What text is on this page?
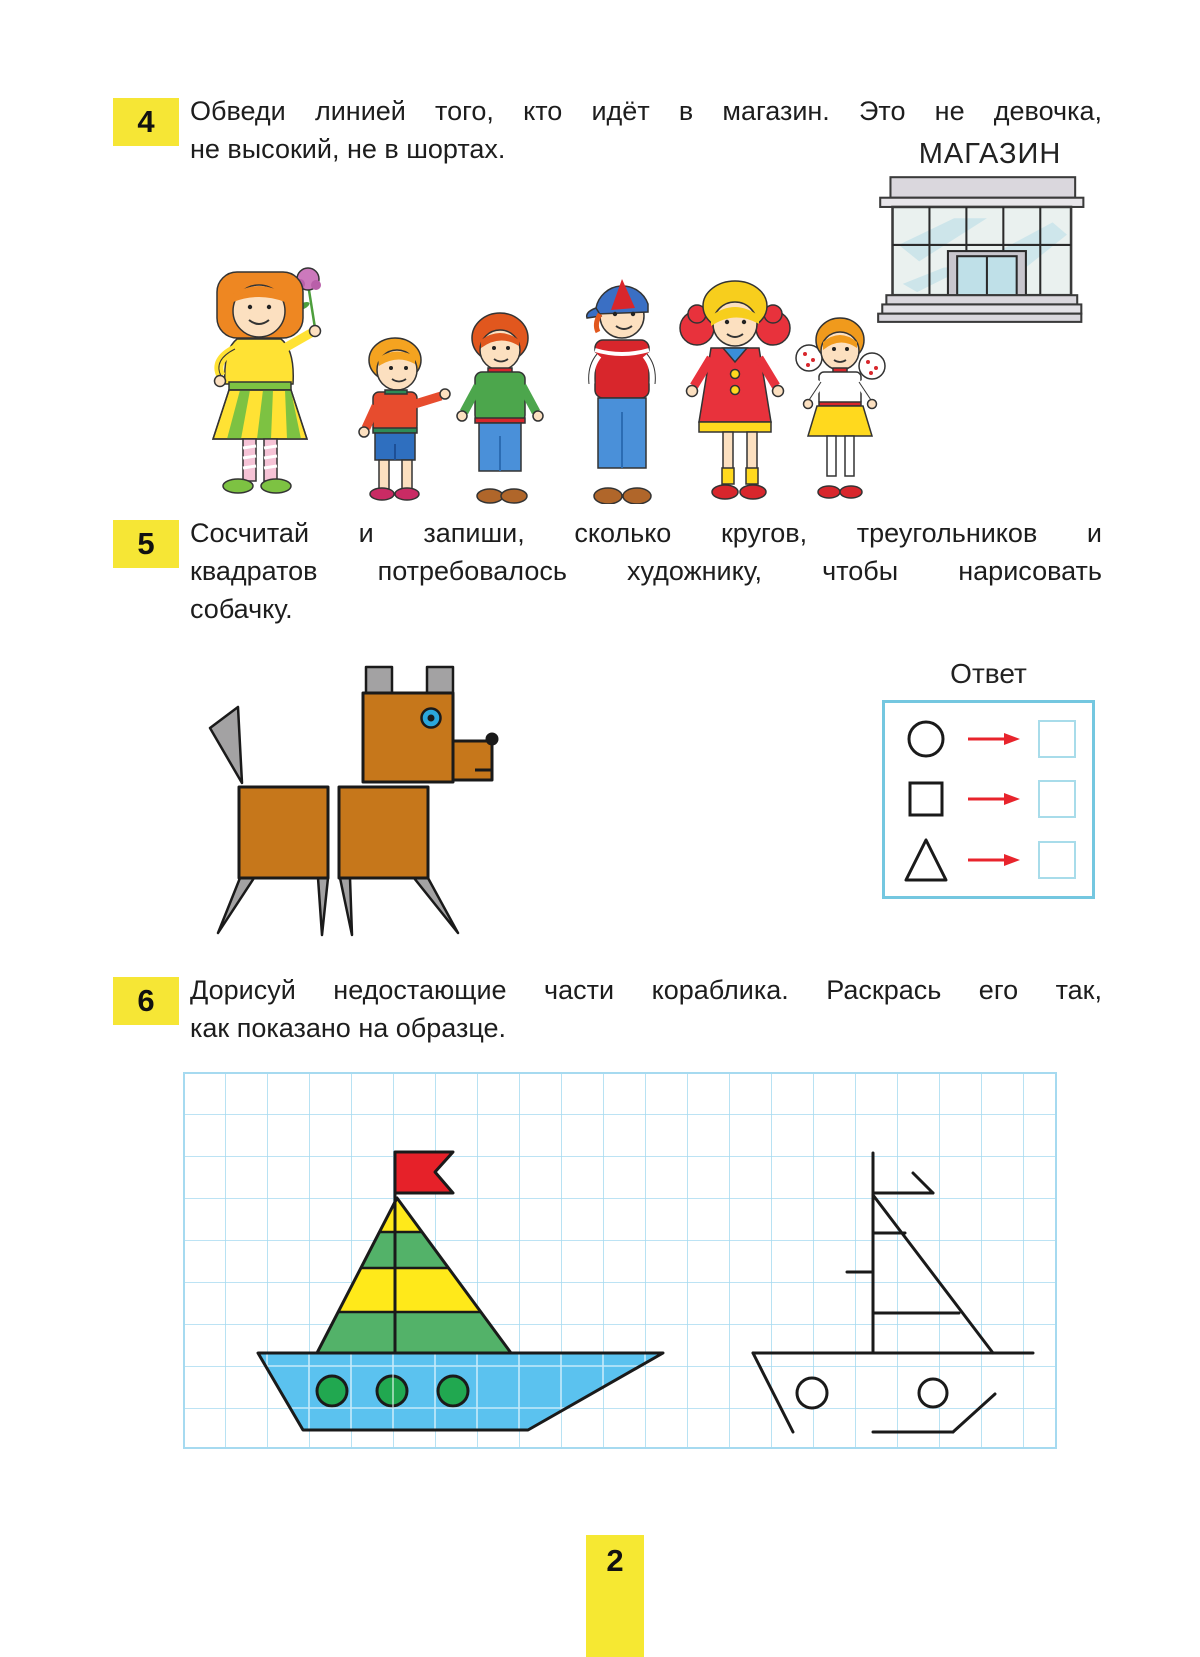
4	Обведи линией того, кто идёт в магазин. Это не девочка,
не высокий, не в шортах.	МАГАЗИН
5	Сосчитай и запиши, сколько кругов, треугольников и
квадратов потребовалось художнику, чтобы нарисовать
собачку.
Ответ
6	Дорисуй недостающие части кораблика. Раскрась его так,
как показано на образце.
2
